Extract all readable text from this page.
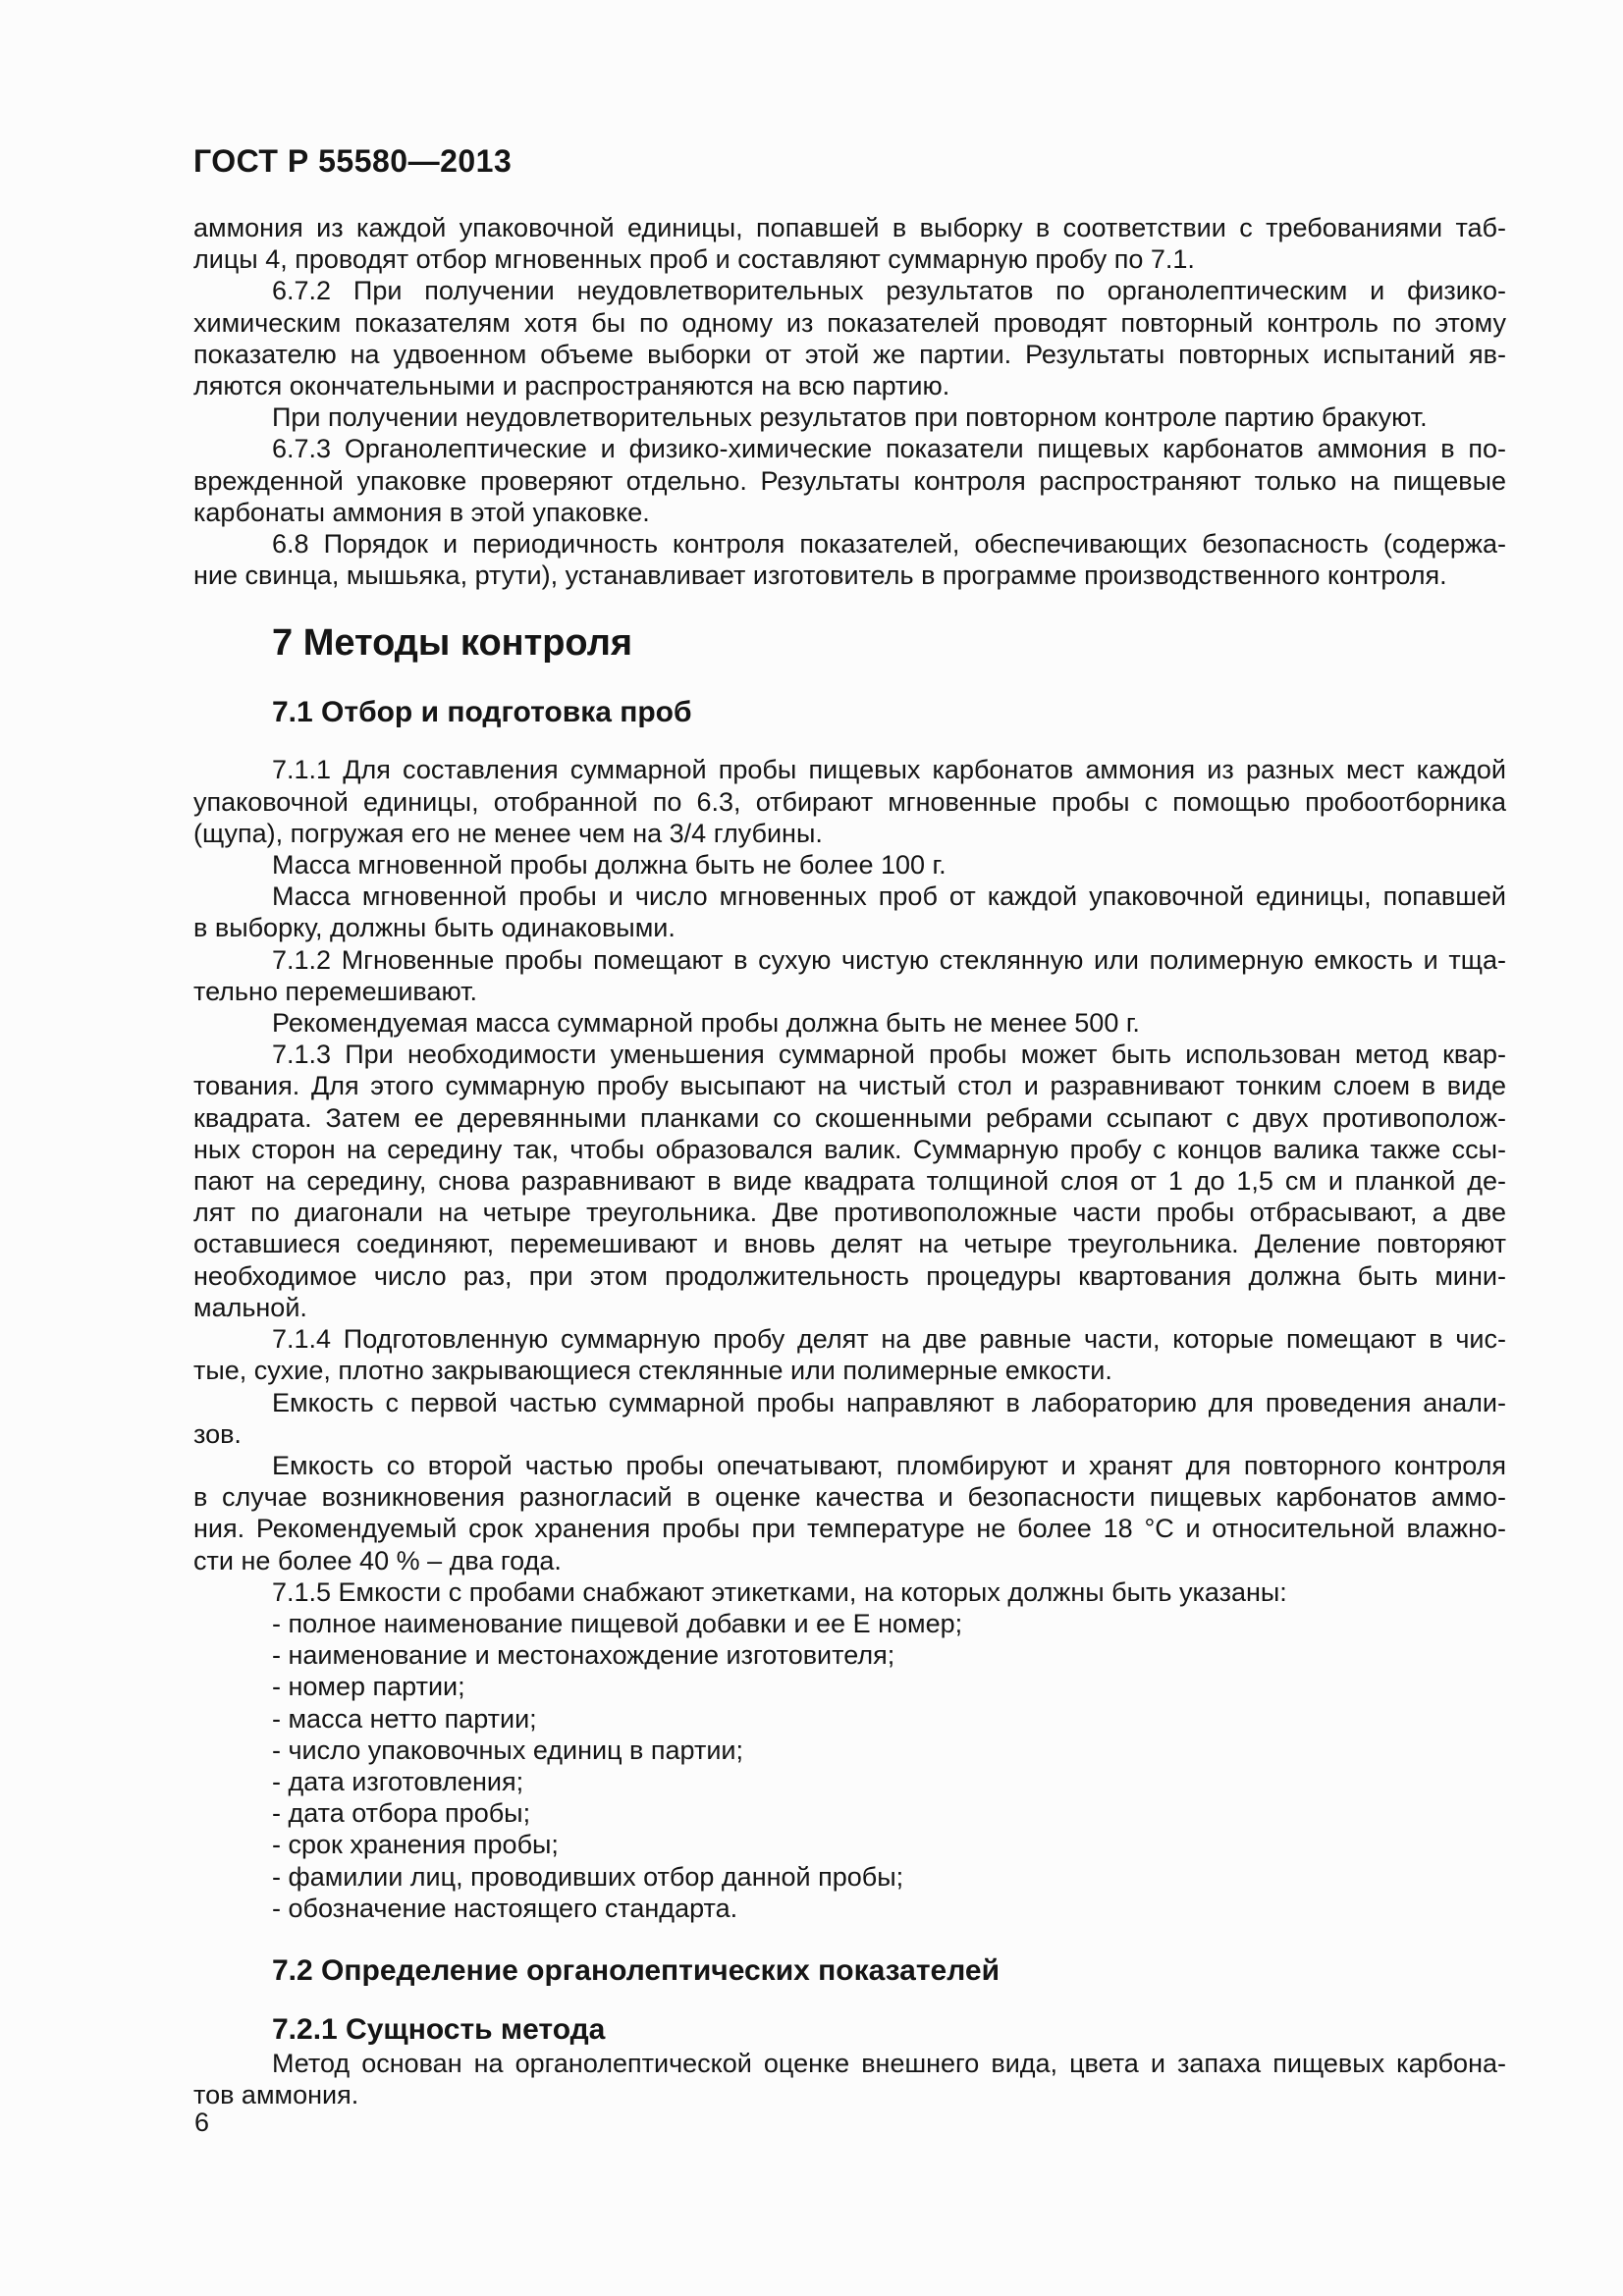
ГОСТ Р 55580—2013
аммония из каждой упаковочной единицы, попавшей в выборку в соответствии с требованиями таб-
лицы 4, проводят отбор мгновенных проб и составляют суммарную пробу по 7.1.
6.7.2 При получении неудовлетворительных результатов по органолептическим и физико-
химическим показателям хотя бы по одному из показателей проводят повторный контроль по этому
показателю на удвоенном объеме выборки от этой же партии. Результаты повторных испытаний яв-
ляются окончательными и распространяются на всю партию.
При получении неудовлетворительных результатов при повторном контроле партию бракуют.
6.7.3 Органолептические и физико-химические показатели пищевых карбонатов аммония в по-
врежденной упаковке проверяют отдельно. Результаты контроля распространяют только на пищевые
карбонаты аммония в этой упаковке.
6.8 Порядок и периодичность контроля показателей, обеспечивающих безопасность (содержа-
ние свинца, мышьяка, ртути), устанавливает изготовитель в программе производственного контроля.
7 Методы контроля
7.1 Отбор и подготовка проб
7.1.1 Для составления суммарной пробы пищевых карбонатов аммония из разных мест каждой
упаковочной единицы, отобранной по 6.3, отбирают мгновенные пробы с помощью пробоотборника
(щупа), погружая его не менее чем на 3/4 глубины.
Масса мгновенной пробы должна быть не более 100 г.
Масса мгновенной пробы и число мгновенных проб от каждой упаковочной единицы, попавшей
в выборку, должны быть одинаковыми.
7.1.2 Мгновенные пробы помещают в сухую чистую стеклянную или полимерную емкость и тща-
тельно перемешивают.
Рекомендуемая масса суммарной пробы должна быть не менее 500 г.
7.1.3 При необходимости уменьшения суммарной пробы может быть использован метод квар-
тования. Для этого суммарную пробу высыпают на чистый стол и разравнивают тонким слоем в виде
квадрата. Затем ее деревянными планками со скошенными ребрами ссыпают с двух противополож-
ных сторон на середину так, чтобы образовался валик. Суммарную пробу с концов валика также ссы-
пают на середину, снова разравнивают в виде квадрата толщиной слоя от 1 до 1,5 см и планкой де-
лят по диагонали на четыре треугольника. Две противоположные части пробы отбрасывают, а две
оставшиеся соединяют, перемешивают и вновь делят на четыре треугольника. Деление повторяют
необходимое число раз, при этом продолжительность процедуры квартования должна быть мини-
мальной.
7.1.4 Подготовленную суммарную пробу делят на две равные части, которые помещают в чис-
тые, сухие, плотно закрывающиеся стеклянные или полимерные емкости.
Емкость с первой частью суммарной пробы направляют в лабораторию для проведения анали-
зов.
Емкость со второй частью пробы опечатывают, пломбируют и хранят для повторного контроля
в случае возникновения разногласий в оценке качества и безопасности пищевых карбонатов аммо-
ния. Рекомендуемый срок хранения пробы при температуре не более 18 °С и относительной влажно-
сти не более 40 % – два года.
7.1.5 Емкости с пробами снабжают этикетками, на которых должны быть указаны:
- полное наименование пищевой добавки и ее Е номер;
- наименование и местонахождение изготовителя;
- номер партии;
- масса нетто партии;
- число упаковочных единиц в партии;
- дата изготовления;
- дата отбора пробы;
- срок хранения пробы;
- фамилии лиц, проводивших отбор данной пробы;
- обозначение настоящего стандарта.
7.2 Определение органолептических показателей
7.2.1 Сущность метода
Метод основан на органолептической оценке внешнего вида, цвета и запаха пищевых карбона-
тов аммония.
6
